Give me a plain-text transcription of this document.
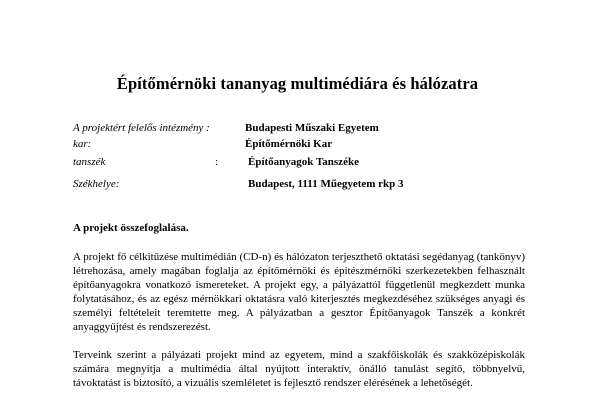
Építőmérnöki tananyag multimédiára és hálózatra
A projektért felelős intézmény :	Budapesti Műszaki Egyetem
kar:	Építőmérnöki Kar
tanszék	:	Építőanyagok Tanszéke
Székhelye:	Budapest, 1111 Műegyetem rkp 3
A projekt összefoglalása.
A projekt fő célkitűzése multimédián (CD-n) és hálózaton terjeszthető oktatási segédanyag (tankönyv) létrehozása, amely magában foglalja az építőmérnöki és építészmérnöki szerkezetekben felhasznált építőanyagokra vonatkozó ismereteket. A projekt egy, a pályázattól függetlenül megkezdett munka folytatásához, és az egész mérnökkari oktatásra való kiterjesztés megkezdéséhez szükséges anyagi és személyi feltételeit teremtette meg. A pályázatban a gesztor Építőanyagok Tanszék a konkrét anyaggyűjtést és rendszerezést.
Terveink szerint a pályázati projekt mind az egyetem, mind a szakfőiskolák és szakközépiskolák számára megnyitja a multimédia által nyújtott interaktív, önálló tanulást segítő, többnyelvű, távoktatást is biztosító, a vizuális szemléletet is fejlesztő rendszer elérésének a lehetőségét.
